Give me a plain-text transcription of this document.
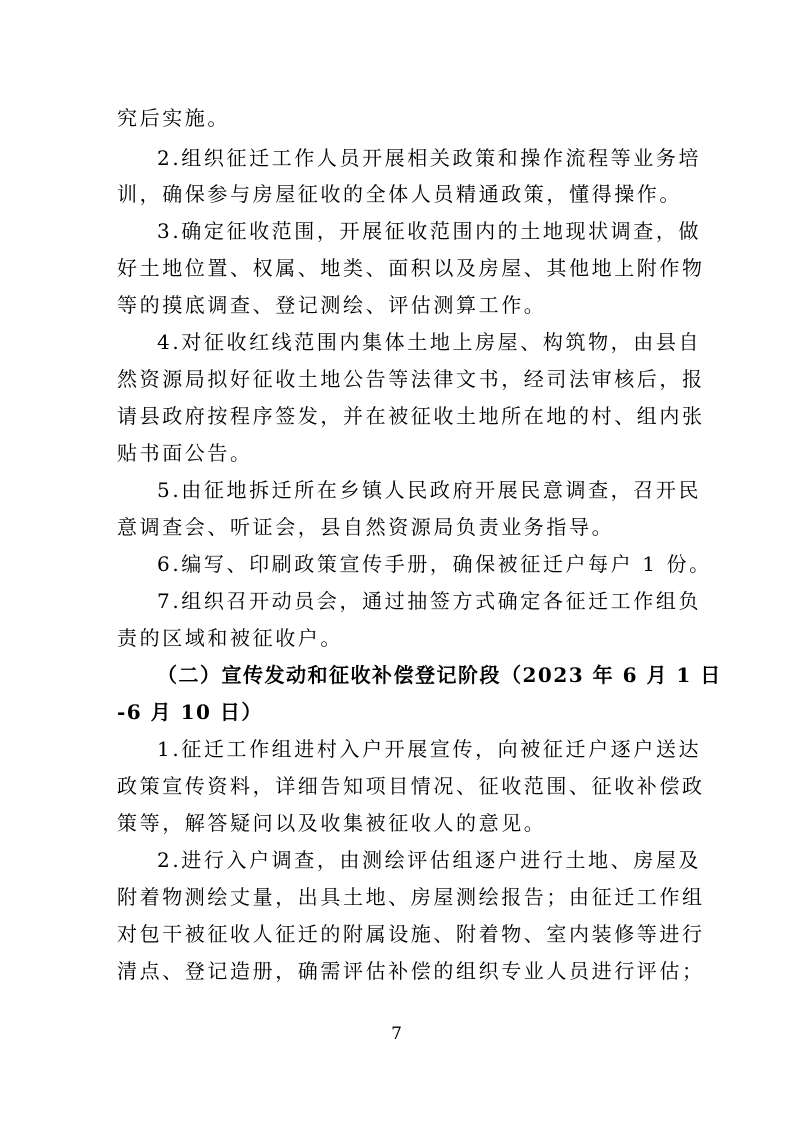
究后实施。
2.组织征迁工作人员开展相关政策和操作流程等业务培
训，确保参与房屋征收的全体人员精通政策，懂得操作。
3.确定征收范围，开展征收范围内的土地现状调查，做
好土地位置、权属、地类、面积以及房屋、其他地上附作物
等的摸底调查、登记测绘、评估测算工作。
4.对征收红线范围内集体土地上房屋、构筑物，由县自
然资源局拟好征收土地公告等法律文书，经司法审核后，报
请县政府按程序签发，并在被征收土地所在地的村、组内张
贴书面公告。
5.由征地拆迁所在乡镇人民政府开展民意调查，召开民
意调查会、听证会，县自然资源局负责业务指导。
6.编写、印刷政策宣传手册，确保被征迁户每户 1 份。
7.组织召开动员会，通过抽签方式确定各征迁工作组负
责的区域和被征收户。
（二）宣传发动和征收补偿登记阶段（2023 年 6 月 1 日
-6 月 10 日）
1.征迁工作组进村入户开展宣传，向被征迁户逐户送达
政策宣传资料，详细告知项目情况、征收范围、征收补偿政
策等，解答疑问以及收集被征收人的意见。
2.进行入户调查，由测绘评估组逐户进行土地、房屋及
附着物测绘丈量，出具土地、房屋测绘报告；由征迁工作组
对包干被征收人征迁的附属设施、附着物、室内装修等进行
清点、登记造册，确需评估补偿的组织专业人员进行评估；
7
